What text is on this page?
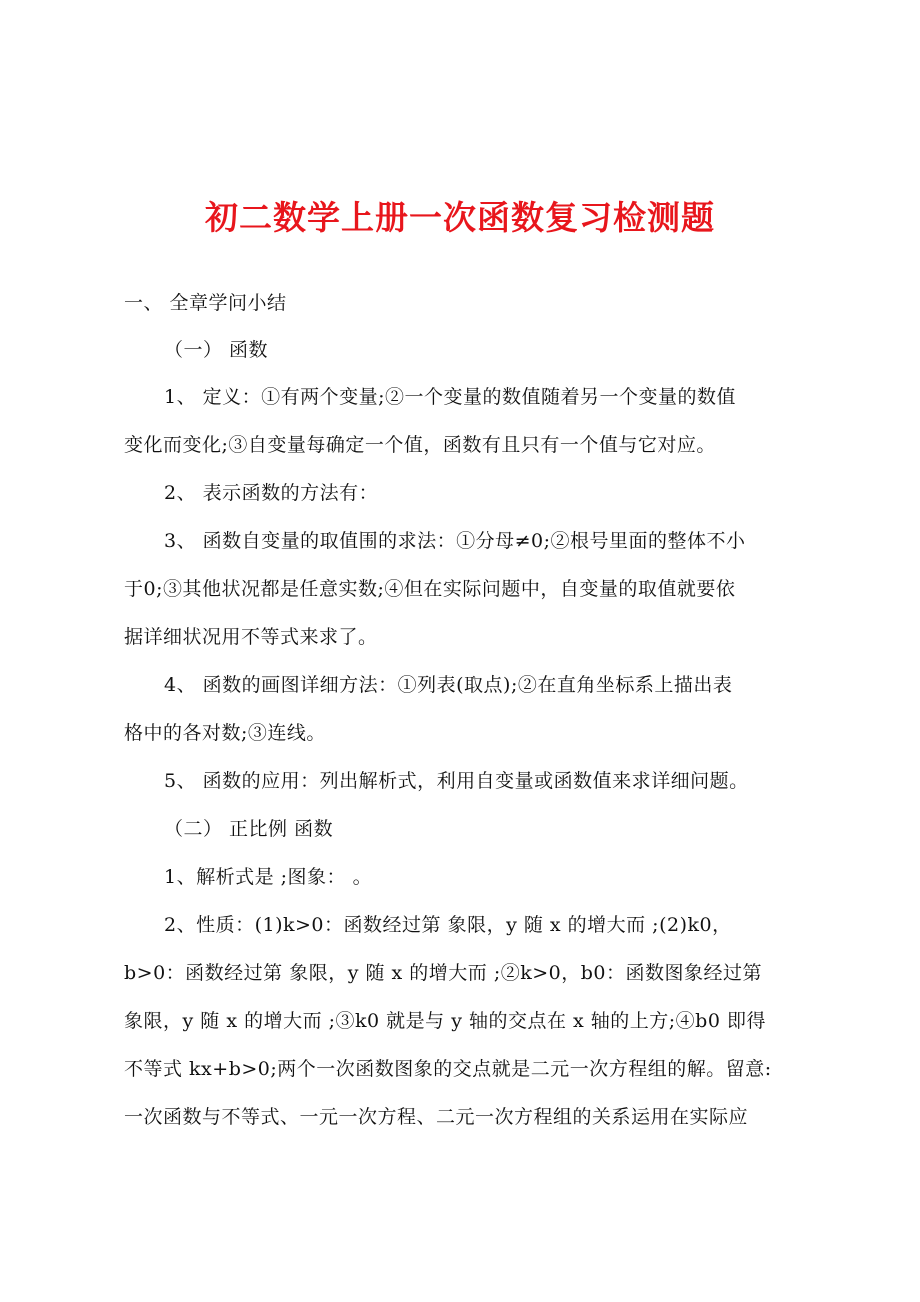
初二数学上册一次函数复习检测题
一、 全章学问小结
（一） 函数
1、 定义：①有两个变量;②一个变量的数值随着另一个变量的数值
变化而变化;③自变量每确定一个值，函数有且只有一个值与它对应。
2、 表示函数的方法有：
3、 函数自变量的取值围的求法：①分母≠0;②根号里面的整体不小
于0;③其他状况都是任意实数;④但在实际问题中，自变量的取值就要依
据详细状况用不等式来求了。
4、 函数的画图详细方法：①列表(取点);②在直角坐标系上描出表
格中的各对数;③连线。
5、 函数的应用：列出解析式，利用自变量或函数值来求详细问题。
（二） 正比例 函数
1、解析式是 ;图象： 。
2、性质：(1)k>0：函数经过第 象限，y 随 x 的增大而 ;(2)k0，
b>0：函数经过第 象限，y 随 x 的增大而 ;②k>0，b0：函数图象经过第
象限，y 随 x 的增大而 ;③k0 就是与 y 轴的交点在 x 轴的上方;④b0 即得
不等式 kx+b>0;两个一次函数图象的交点就是二元一次方程组的解。留意:
一次函数与不等式、一元一次方程、二元一次方程组的关系运用在实际应
